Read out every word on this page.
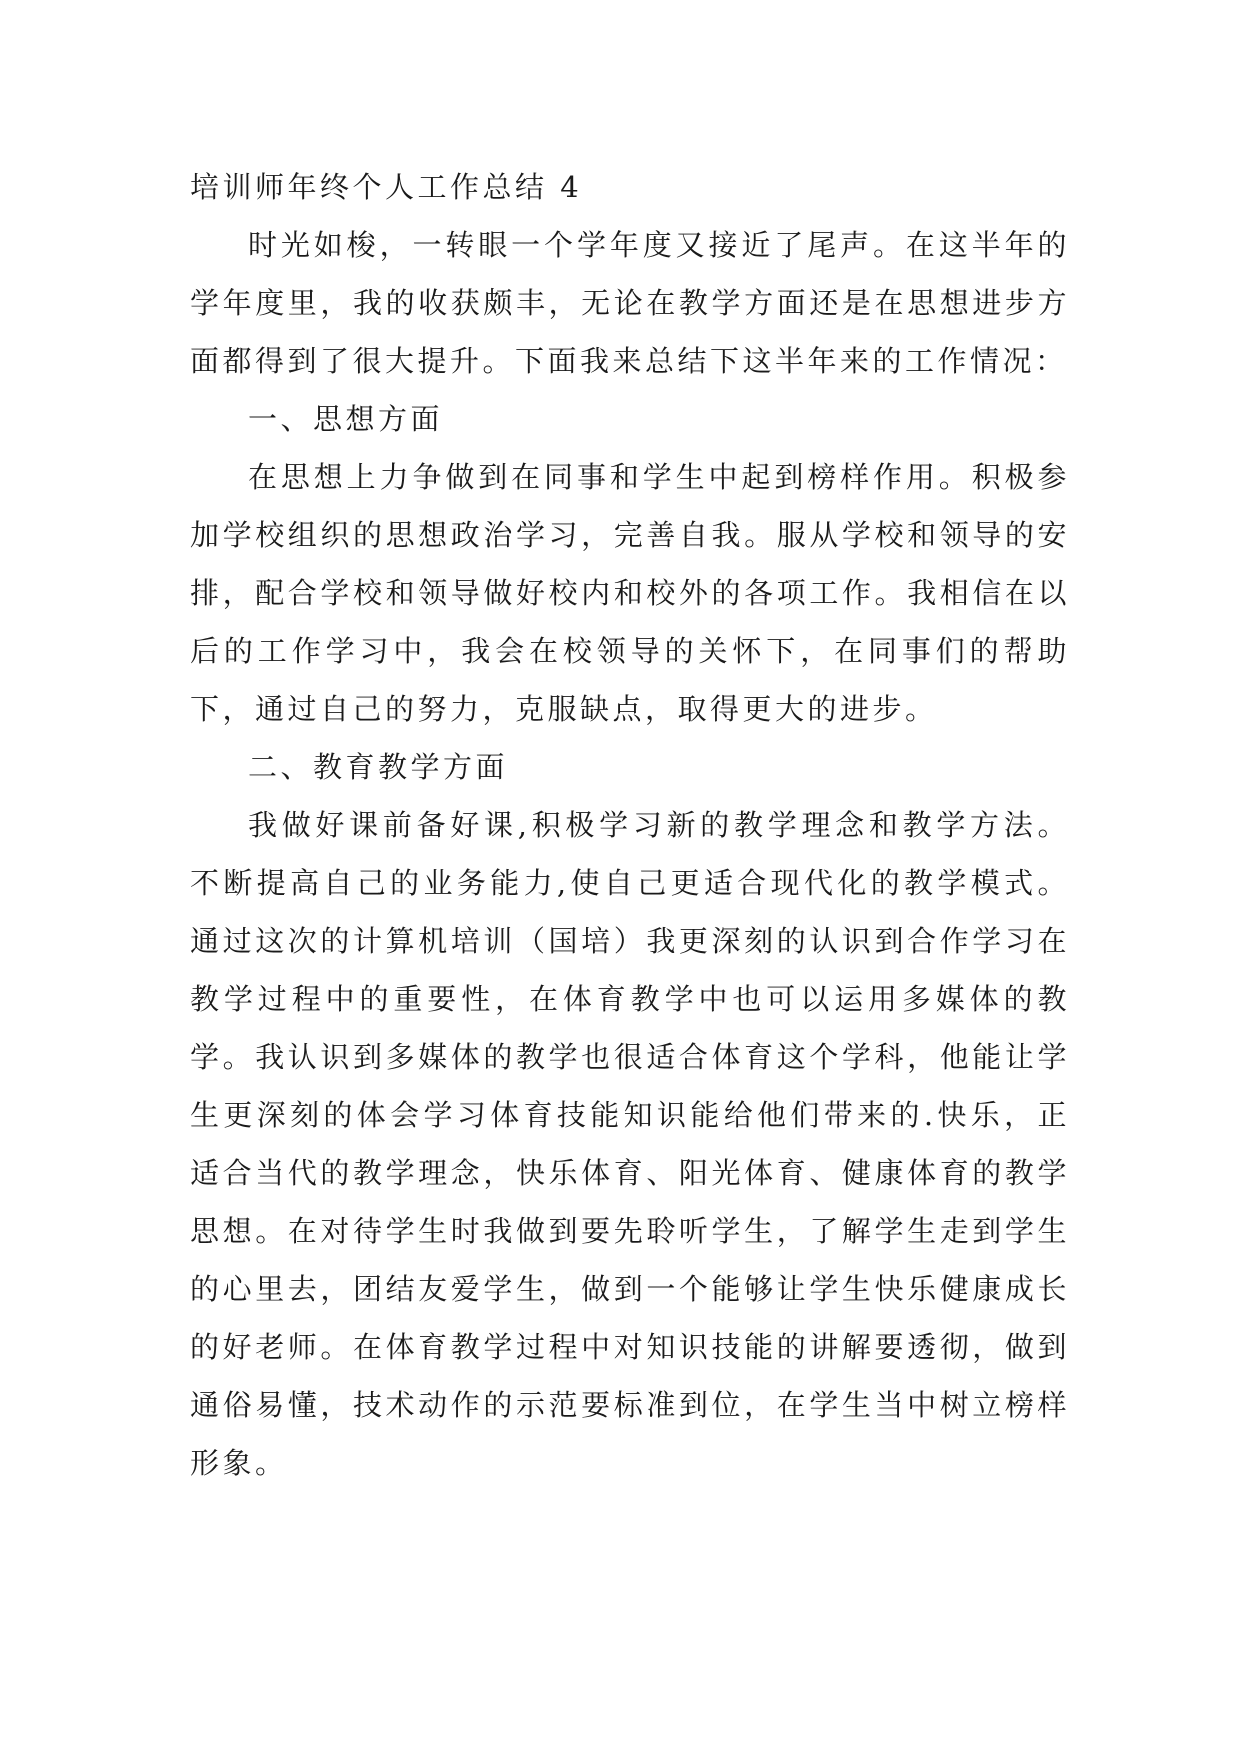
培训师年终个人工作总结 4

时光如梭，一转眼一个学年度又接近了尾声。在这半年的学年度里，我的收获颇丰，无论在教学方面还是在思想进步方面都得到了很大提升。下面我来总结下这半年来的工作情况：

一、思想方面

在思想上力争做到在同事和学生中起到榜样作用。积极参加学校组织的思想政治学习，完善自我。服从学校和领导的安排，配合学校和领导做好校内和校外的各项工作。我相信在以后的工作学习中，我会在校领导的关怀下，在同事们的帮助下，通过自己的努力，克服缺点，取得更大的进步。

二、教育教学方面

我做好课前备好课,积极学习新的教学理念和教学方法。不断提高自己的业务能力,使自己更适合现代化的教学模式。通过这次的计算机培训（国培）我更深刻的认识到合作学习在教学过程中的重要性，在体育教学中也可以运用多媒体的教学。我认识到多媒体的教学也很适合体育这个学科，他能让学生更深刻的体会学习体育技能知识能给他们带来的.快乐，正适合当代的教学理念，快乐体育、阳光体育、健康体育的教学思想。在对待学生时我做到要先聆听学生，了解学生走到学生的心里去，团结友爱学生，做到一个能够让学生快乐健康成长的好老师。在体育教学过程中对知识技能的讲解要透彻，做到通俗易懂，技术动作的示范要标准到位，在学生当中树立榜样形象。
